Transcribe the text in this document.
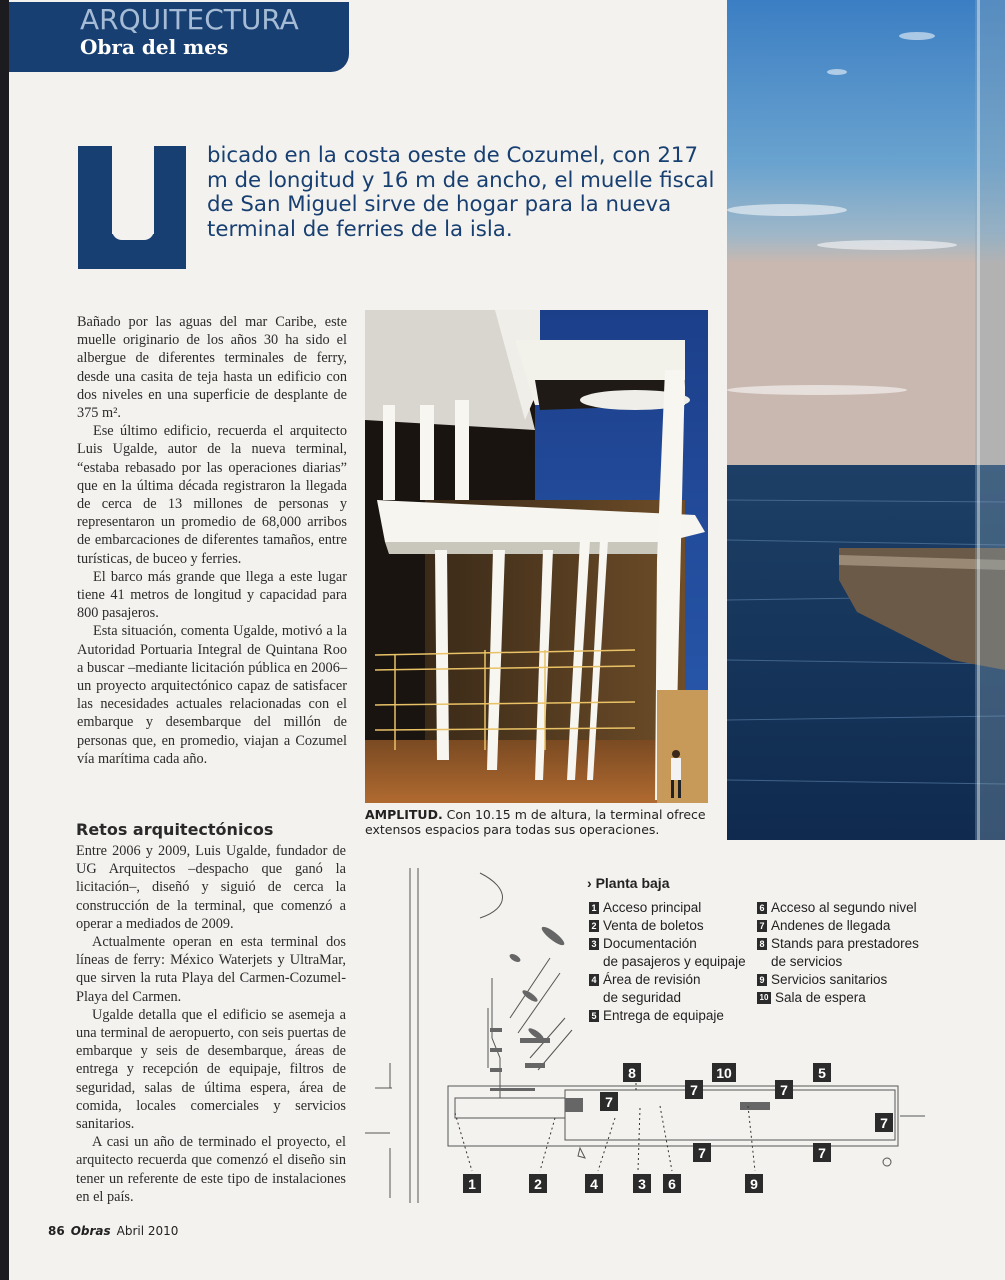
ARQUITECTURA
Obra del mes

bicado en la costa oeste de Cozumel, con 217 m de longitud y 16 m de ancho, el muelle fiscal de San Miguel sirve de hogar para la nueva terminal de ferries de la isla.

Bañado por las aguas del mar Caribe, este muelle originario de los años 30 ha sido el albergue de diferentes terminales de ferry, desde una casita de teja hasta un edificio con dos niveles en una superficie de desplante de 375 m².

Ese último edificio, recuerda el arquitecto Luis Ugalde, autor de la nueva terminal, “estaba rebasado por las operaciones diarias” que en la última década registraron la llegada de cerca de 13 millones de personas y representaron un promedio de 68,000 arribos de embarcaciones de diferentes tamaños, entre turísticas, de buceo y ferries.

El barco más grande que llega a este lugar tiene 41 metros de longitud y capacidad para 800 pasajeros.

Esta situación, comenta Ugalde, motivó a la Autoridad Portuaria Integral de Quintana Roo a buscar –mediante licitación pública en 2006– un proyecto arquitectónico capaz de satisfacer las necesidades actuales relacionadas con el embarque y desembarque del millón de personas que, en promedio, viajan a Cozumel vía marítima cada año.

Retos arquitectónicos

Entre 2006 y 2009, Luis Ugalde, fundador de UG Arquitectos –despacho que ganó la licitación–, diseñó y siguió de cerca la construcción de la terminal, que comenzó a operar a mediados de 2009.

Actualmente operan en esta terminal dos líneas de ferry: México Waterjets y UltraMar, que sirven la ruta Playa del Carmen-Cozumel-Playa del Carmen.

Ugalde detalla que el edificio se asemeja a una terminal de aeropuerto, con seis puertas de embarque y seis de desembarque, áreas de entrega y recepción de equipaje, filtros de seguridad, salas de última espera, área de comida, locales comerciales y servicios sanitarios.

A casi un año de terminado el proyecto, el arquitecto recuerda que comenzó el diseño sin tener un referente de este tipo de instalaciones en el país.

AMPLITUD. Con 10.15 m de altura, la terminal ofrece extensos espacios para todas sus operaciones.

1	2	4	3 6	9
8	10	5
7	7
7
7
7	7
› Planta baja
1 Acceso principal
2 Venta de boletos
3 Documentación
de pasajeros y equipaje
4 Área de revisión
de seguridad
5 Entrega de equipaje
6 Acceso al segundo nivel
7 Andenes de llegada
8 Stands para prestadores
de servicios
9 Servicios sanitarios
10 Sala de espera
86 Obras Abril 2010
